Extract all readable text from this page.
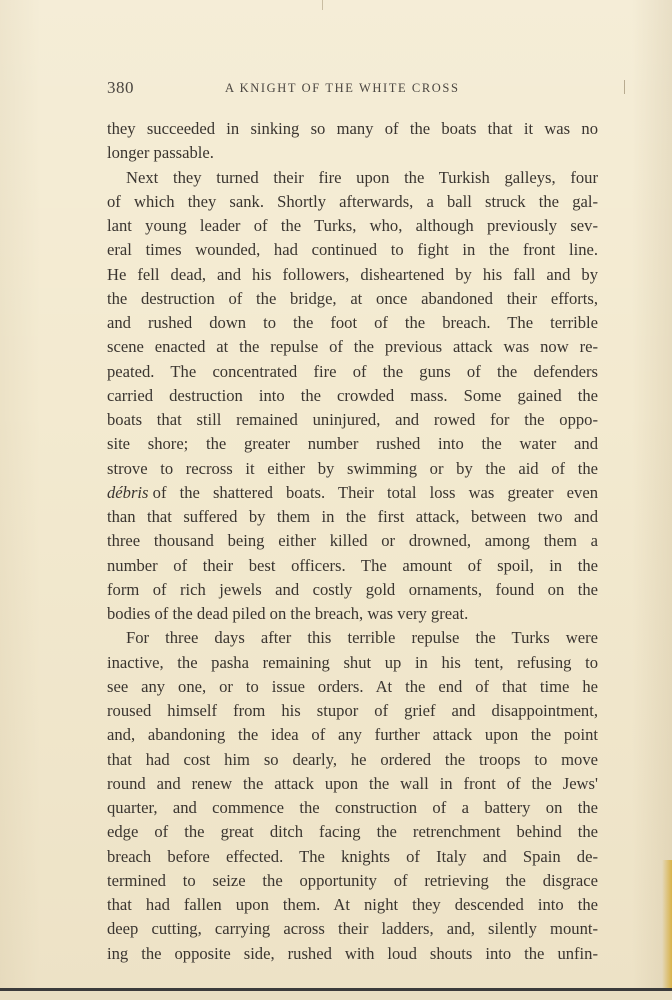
380	A KNIGHT OF THE WHITE CROSS
they succeeded in sinking so many of the boats that it was no
longer passable.
Next they turned their fire upon the Turkish galleys, four
of which they sank. Shortly afterwards, a ball struck the gal-
lant young leader of the Turks, who, although previously sev-
eral times wounded, had continued to fight in the front line.
He fell dead, and his followers, disheartened by his fall and by
the destruction of the bridge, at once abandoned their efforts,
and rushed down to the foot of the breach. The terrible
scene enacted at the repulse of the previous attack was now re-
peated. The concentrated fire of the guns of the defenders
carried destruction into the crowded mass. Some gained the
boats that still remained uninjured, and rowed for the oppo-
site shore; the greater number rushed into the water and
strove to recross it either by swimming or by the aid of the
débris
of the shattered boats. Their total loss was greater even
than that suffered by them in the first attack, between two and
three thousand being either killed or drowned, among them a
number of their best officers. The amount of spoil, in the
form of rich jewels and costly gold ornaments, found on the
bodies of the dead piled on the breach, was very great.
For three days after this terrible repulse the Turks were
inactive, the pasha remaining shut up in his tent, refusing to
see any one, or to issue orders. At the end of that time he
roused himself from his stupor of grief and disappointment,
and, abandoning the idea of any further attack upon the point
that had cost him so dearly, he ordered the troops to move
round and renew the attack upon the wall in front of the Jews'
quarter, and commence the construction of a battery on the
edge of the great ditch facing the retrenchment behind the
breach before effected. The knights of Italy and Spain de-
termined to seize the opportunity of retrieving the disgrace
that had fallen upon them. At night they descended into the
deep cutting, carrying across their ladders, and, silently mount-
ing the opposite side, rushed with loud shouts into the unfin-
